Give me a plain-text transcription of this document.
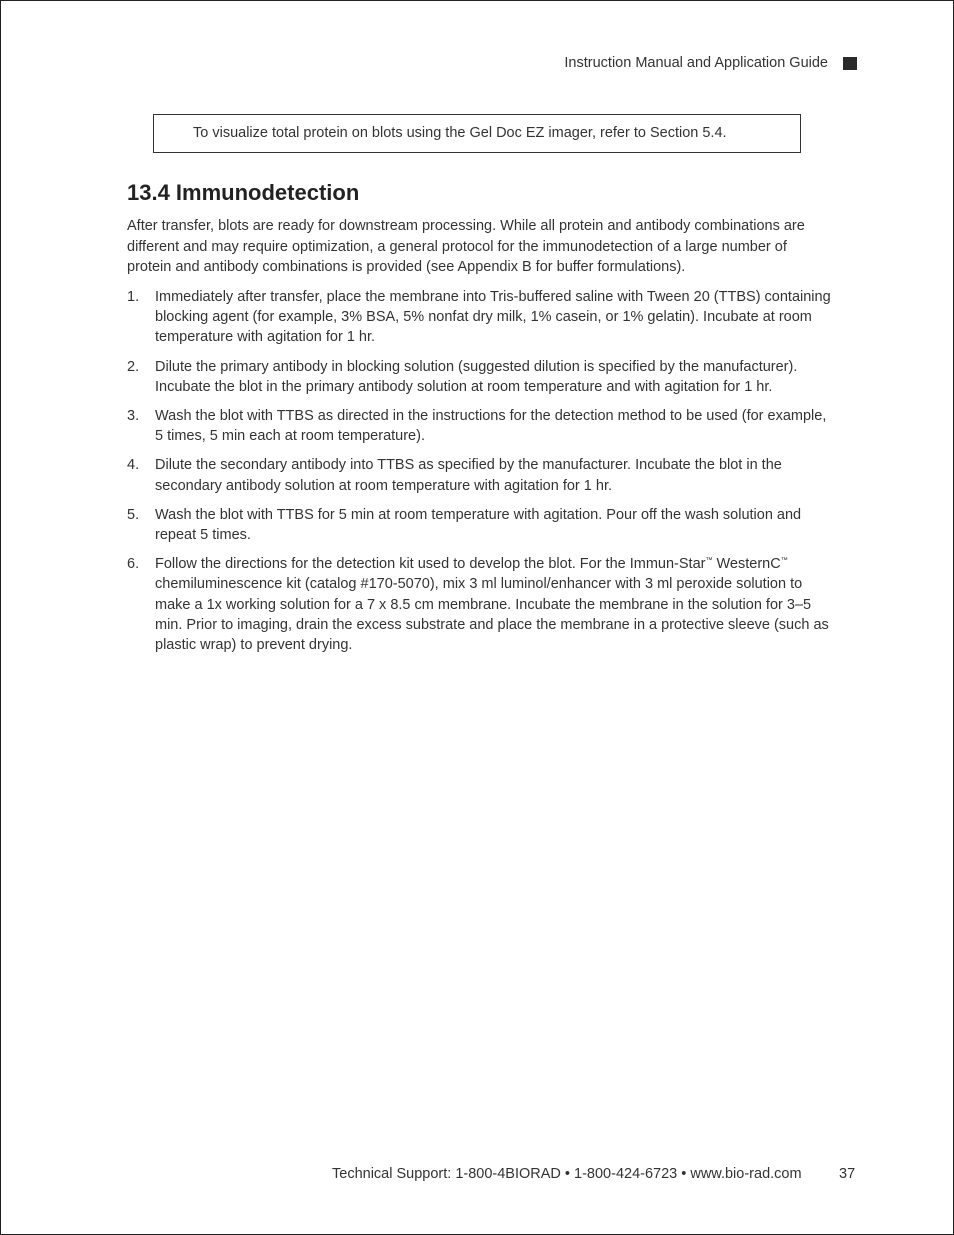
Instruction Manual and Application Guide
To visualize total protein on blots using the Gel Doc EZ imager, refer to Section 5.4.
13.4 Immunodetection

After transfer, blots are ready for downstream processing. While all protein and antibody combinations are different and may require optimization, a general protocol for the immunodetection of a large number of protein and antibody combinations is provided (see Appendix B for buffer formulations).

1. Immediately after transfer, place the membrane into Tris-buffered saline with Tween 20 (TTBS) containing blocking agent (for example, 3% BSA, 5% nonfat dry milk, 1% casein, or 1% gelatin). Incubate at room temperature with agitation for 1 hr.
2. Dilute the primary antibody in blocking solution (suggested dilution is specified by the manufacturer). Incubate the blot in the primary antibody solution at room temperature and with agitation for 1 hr.
3. Wash the blot with TTBS as directed in the instructions for the detection method to be used (for example, 5 times, 5 min each at room temperature).
4. Dilute the secondary antibody into TTBS as specified by the manufacturer. Incubate the blot in the secondary antibody solution at room temperature with agitation for 1 hr.
5. Wash the blot with TTBS for 5 min at room temperature with agitation. Pour off the wash solution and repeat 5 times.
6. Follow the directions for the detection kit used to develop the blot. For the Immun-Star™ WesternC™ chemiluminescence kit (catalog #170-5070), mix 3 ml luminol/enhancer with 3 ml peroxide solution to make a 1x working solution for a 7 x 8.5 cm membrane. Incubate the membrane in the solution for 3–5 min. Prior to imaging, drain the excess substrate and place the membrane in a protective sleeve (such as plastic wrap) to prevent drying.
Technical Support: 1-800-4BIORAD • 1-800-424-6723 • www.bio-rad.com	37
